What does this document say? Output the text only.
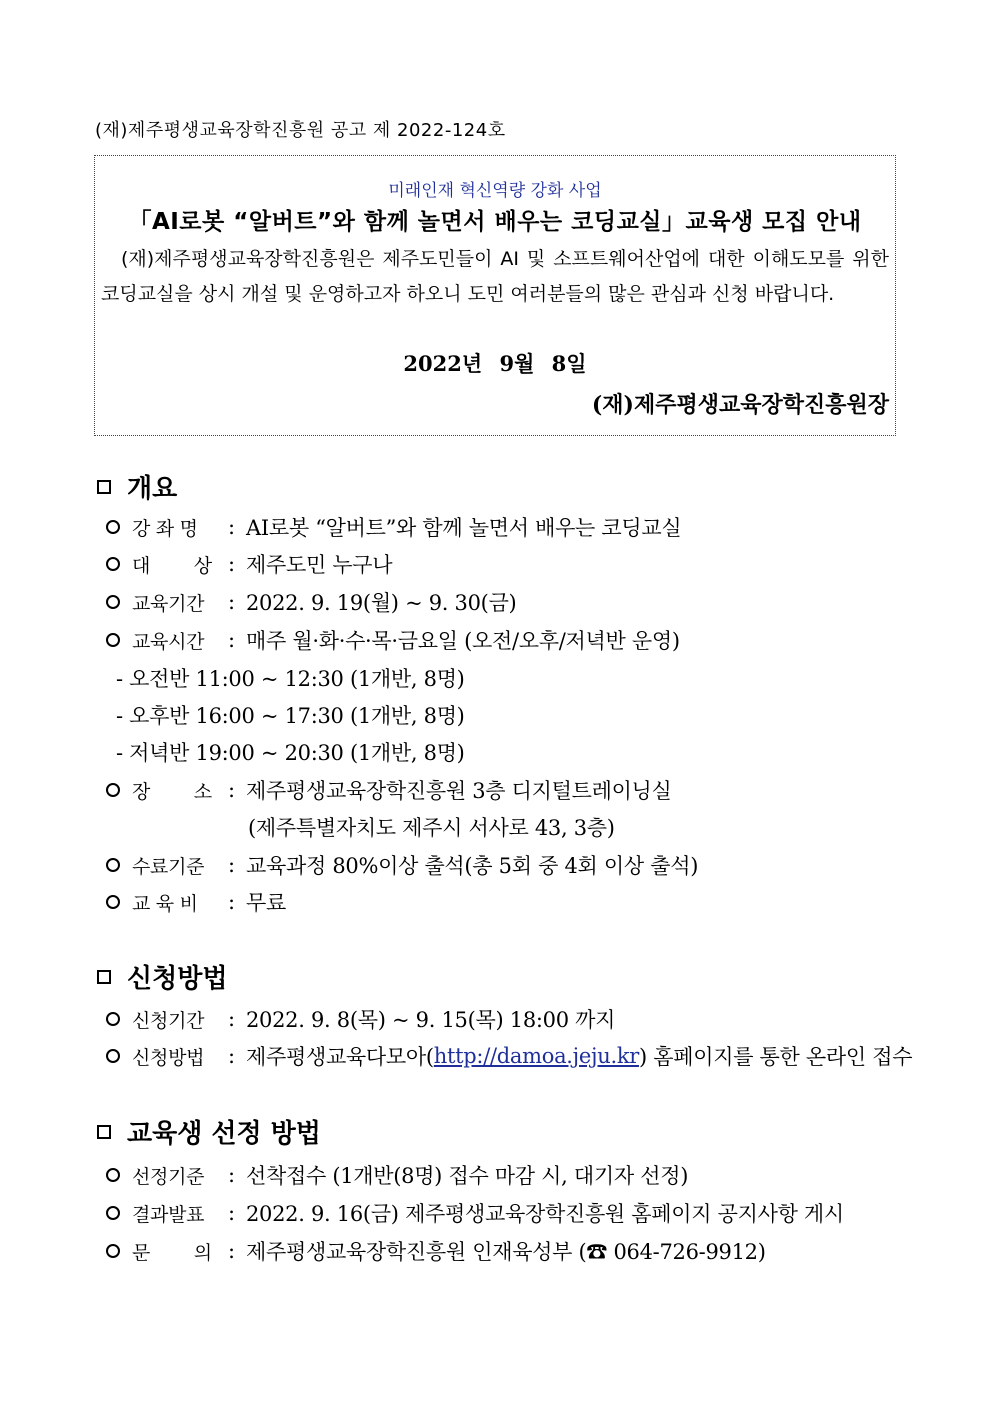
(재)제주평생교육장학진흥원 공고 제 2022-124호
미래인재 혁신역량 강화 사업
「AI로봇 “알버트”와 함께 놀면서 배우는 코딩교실」교육생 모집 안내
(재)제주평생교육장학진흥원은 제주도민들이 AI 및 소프트웨어산업에 대한 이해도모를 위한 코딩교실을 상시 개설 및 운영하고자 하오니 도민 여러분들의 많은 관심과 신청 바랍니다.
2022년 9월 8일
(재)제주평생교육장학진흥원장
개요
강 좌 명	: AI로봇 “알버트”와 함께 놀면서 배우는 코딩교실
대 상 : 제주도민 누구나
교육기간	: 2022. 9. 19(월) ~ 9. 30(금)
교육시간	: 매주 월·화·수·목·금요일 (오전/오후/저녁반 운영)
- 오전반 11:00 ~ 12:30 (1개반, 8명)
- 오후반 16:00 ~ 17:30 (1개반, 8명)
- 저녁반 19:00 ~ 20:30 (1개반, 8명)
장 소 : 제주평생교육장학진흥원 3층 디지털트레이닝실
(제주특별자치도 제주시 서사로 43, 3층)
수료기준	: 교육과정 80%이상 출석(총 5회 중 4회 이상 출석)
교 육 비	: 무료
신청방법
신청기간	: 2022. 9. 8(목) ~ 9. 15(목) 18:00 까지
신청방법	: 제주평생교육다모아( http://damoa.jeju.kr ) 홈페이지를 통한 온라인 접수
교육생 선정 방법
선정기준	: 선착접수 (1개반(8명) 접수 마감 시, 대기자 선정)
결과발표	: 2022. 9. 16(금) 제주평생교육장학진흥원 홈페이지 공지사항 게시
문 의 : 제주평생교육장학진흥원 인재육성부 (☎ 064-726-9912)
